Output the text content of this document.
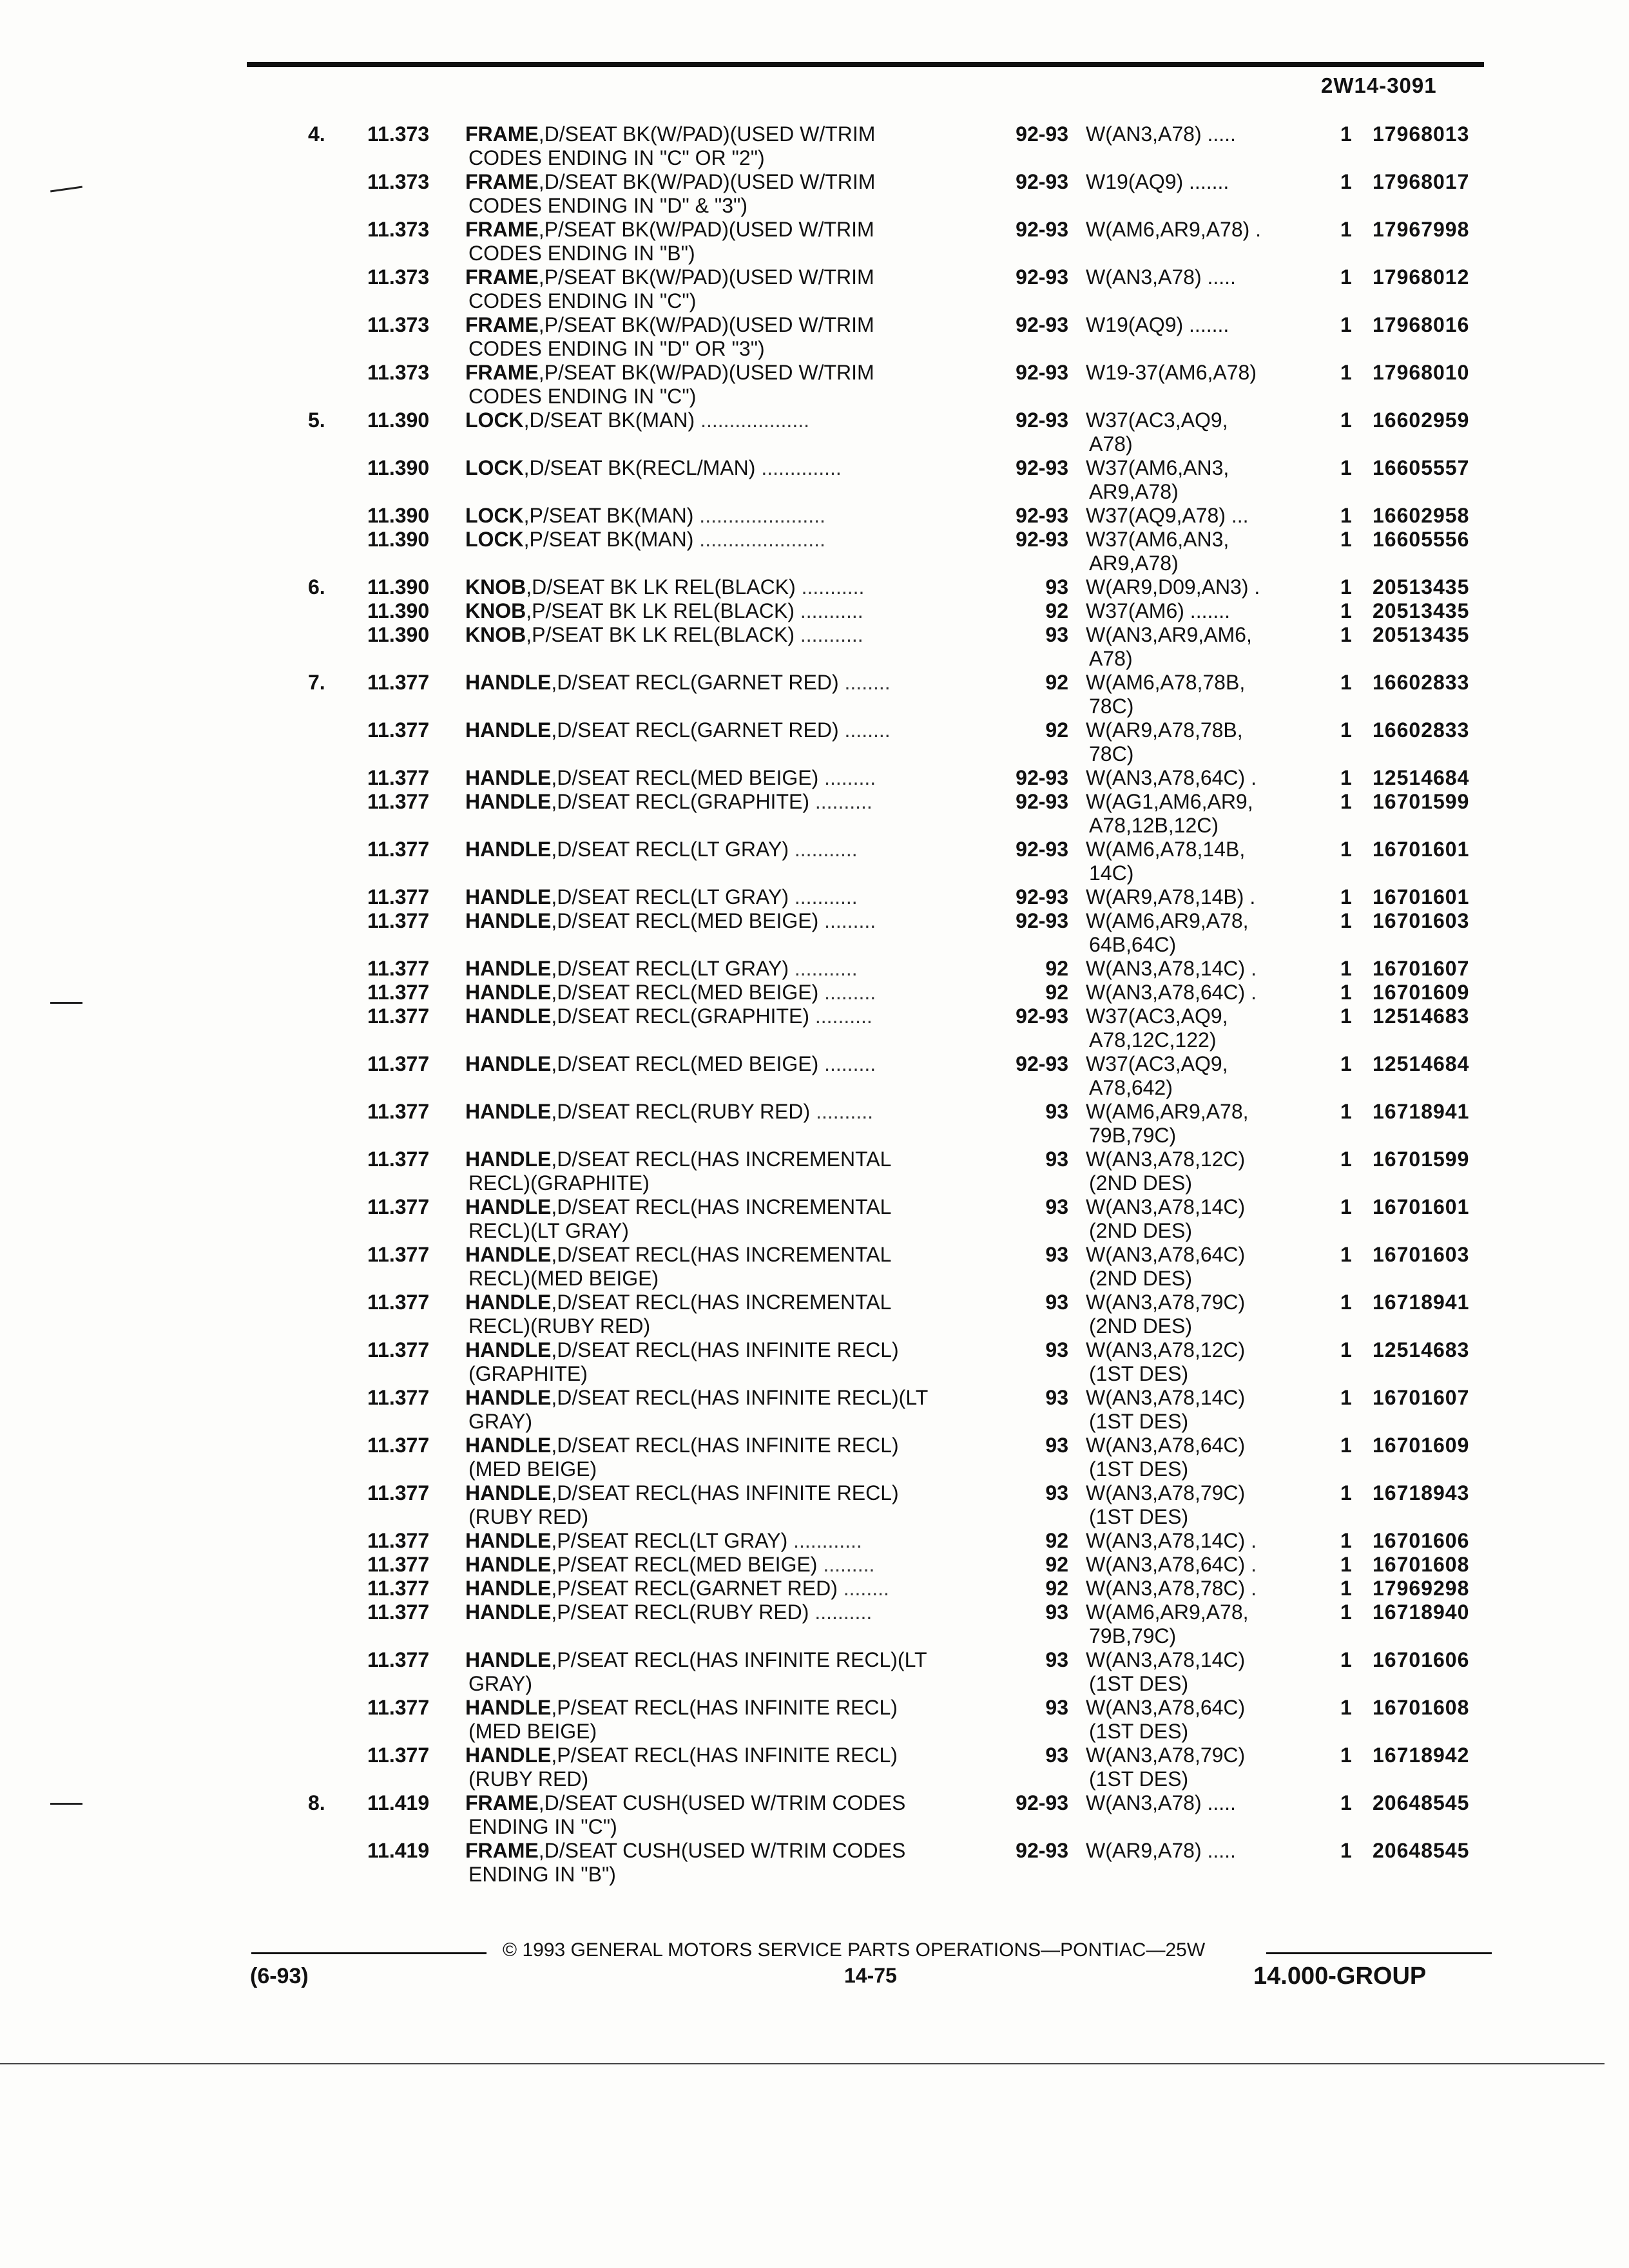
2W14-3091
4. 11.373 FRAME,D/SEAT BK(W/PAD)(USED W/TRIM	92-93 W(AN3,A78) .....	1 17968013
CODES ENDING IN "C" OR "2")
11.373 FRAME,D/SEAT BK(W/PAD)(USED W/TRIM	92-93 W19(AQ9) .......	1 17968017
CODES ENDING IN "D" & "3")
11.373 FRAME,P/SEAT BK(W/PAD)(USED W/TRIM	92-93 W(AM6,AR9,A78) .	1 17967998
CODES ENDING IN "B")
11.373 FRAME,P/SEAT BK(W/PAD)(USED W/TRIM	92-93 W(AN3,A78) .....	1 17968012
CODES ENDING IN "C")
11.373 FRAME,P/SEAT BK(W/PAD)(USED W/TRIM	92-93 W19(AQ9) .......	1 17968016
CODES ENDING IN "D" OR "3")
11.373 FRAME,P/SEAT BK(W/PAD)(USED W/TRIM	92-93 W19-37(AM6,A78)	1 17968010
CODES ENDING IN "C")
5. 11.390 LOCK,D/SEAT BK(MAN) ...................	92-93 W37(AC3,AQ9,	1 16602959
A78)
11.390 LOCK,D/SEAT BK(RECL/MAN) ..............	92-93 W37(AM6,AN3,	1 16605557
AR9,A78)
11.390 LOCK,P/SEAT BK(MAN) ......................	92-93 W37(AQ9,A78) ...	1 16602958
11.390 LOCK,P/SEAT BK(MAN) ......................	92-93 W37(AM6,AN3,	1 16605556
AR9,A78)
6. 11.390 KNOB,D/SEAT BK LK REL(BLACK) ...........	93 W(AR9,D09,AN3) .	1 20513435
11.390 KNOB,P/SEAT BK LK REL(BLACK) ...........	92 W37(AM6) .......	1 20513435
11.390 KNOB,P/SEAT BK LK REL(BLACK) ...........	93 W(AN3,AR9,AM6,	1 20513435
A78)
7. 11.377 HANDLE,D/SEAT RECL(GARNET RED) ........	92 W(AM6,A78,78B,	1 16602833
78C)
11.377 HANDLE,D/SEAT RECL(GARNET RED) ........	92 W(AR9,A78,78B,	1 16602833
78C)
11.377 HANDLE,D/SEAT RECL(MED BEIGE) .........	92-93 W(AN3,A78,64C) .	1 12514684
11.377 HANDLE,D/SEAT RECL(GRAPHITE) ..........	92-93 W(AG1,AM6,AR9,	1 16701599
A78,12B,12C)
11.377 HANDLE,D/SEAT RECL(LT GRAY) ...........	92-93 W(AM6,A78,14B,	1 16701601
14C)
11.377 HANDLE,D/SEAT RECL(LT GRAY) ...........	92-93 W(AR9,A78,14B) .	1 16701601
11.377 HANDLE,D/SEAT RECL(MED BEIGE) .........	92-93 W(AM6,AR9,A78,	1 16701603
64B,64C)
11.377 HANDLE,D/SEAT RECL(LT GRAY) ...........	92 W(AN3,A78,14C) .	1 16701607
11.377 HANDLE,D/SEAT RECL(MED BEIGE) .........	92 W(AN3,A78,64C) .	1 16701609
11.377 HANDLE,D/SEAT RECL(GRAPHITE) ..........	92-93 W37(AC3,AQ9,	1 12514683
A78,12C,122)
11.377 HANDLE,D/SEAT RECL(MED BEIGE) .........	92-93 W37(AC3,AQ9,	1 12514684
A78,642)
11.377 HANDLE,D/SEAT RECL(RUBY RED) ..........	93 W(AM6,AR9,A78,	1 16718941
79B,79C)
11.377 HANDLE,D/SEAT RECL(HAS INCREMENTAL	93 W(AN3,A78,12C)	1 16701599
RECL)(GRAPHITE)	(2ND DES)
11.377 HANDLE,D/SEAT RECL(HAS INCREMENTAL	93 W(AN3,A78,14C)	1 16701601
RECL)(LT GRAY)	(2ND DES)
11.377 HANDLE,D/SEAT RECL(HAS INCREMENTAL	93 W(AN3,A78,64C)	1 16701603
RECL)(MED BEIGE)	(2ND DES)
11.377 HANDLE,D/SEAT RECL(HAS INCREMENTAL	93 W(AN3,A78,79C)	1 16718941
RECL)(RUBY RED)	(2ND DES)
11.377 HANDLE,D/SEAT RECL(HAS INFINITE RECL)	93 W(AN3,A78,12C)	1 12514683
(GRAPHITE)	(1ST DES)
11.377 HANDLE,D/SEAT RECL(HAS INFINITE RECL)(LT	93 W(AN3,A78,14C)	1 16701607
GRAY)	(1ST DES)
11.377 HANDLE,D/SEAT RECL(HAS INFINITE RECL)	93 W(AN3,A78,64C)	1 16701609
(MED BEIGE)	(1ST DES)
11.377 HANDLE,D/SEAT RECL(HAS INFINITE RECL)	93 W(AN3,A78,79C)	1 16718943
(RUBY RED)	(1ST DES)
11.377 HANDLE,P/SEAT RECL(LT GRAY) ............	92 W(AN3,A78,14C) .	1 16701606
11.377 HANDLE,P/SEAT RECL(MED BEIGE) .........	92 W(AN3,A78,64C) .	1 16701608
11.377 HANDLE,P/SEAT RECL(GARNET RED) ........	92 W(AN3,A78,78C) .	1 17969298
11.377 HANDLE,P/SEAT RECL(RUBY RED) ..........	93 W(AM6,AR9,A78,	1 16718940
79B,79C)
11.377 HANDLE,P/SEAT RECL(HAS INFINITE RECL)(LT	93 W(AN3,A78,14C)	1 16701606
GRAY)	(1ST DES)
11.377 HANDLE,P/SEAT RECL(HAS INFINITE RECL)	93 W(AN3,A78,64C)	1 16701608
(MED BEIGE)	(1ST DES)
11.377 HANDLE,P/SEAT RECL(HAS INFINITE RECL)	93 W(AN3,A78,79C)	1 16718942
(RUBY RED)	(1ST DES)
8. 11.419 FRAME,D/SEAT CUSH(USED W/TRIM CODES	92-93 W(AN3,A78) .....	1 20648545
ENDING IN "C")
11.419 FRAME,D/SEAT CUSH(USED W/TRIM CODES	92-93 W(AR9,A78) .....	1 20648545
ENDING IN "B")
© 1993 GENERAL MOTORS SERVICE PARTS OPERATIONS—PONTIAC—25W
(6-93)	14-75	14.000-GROUP
